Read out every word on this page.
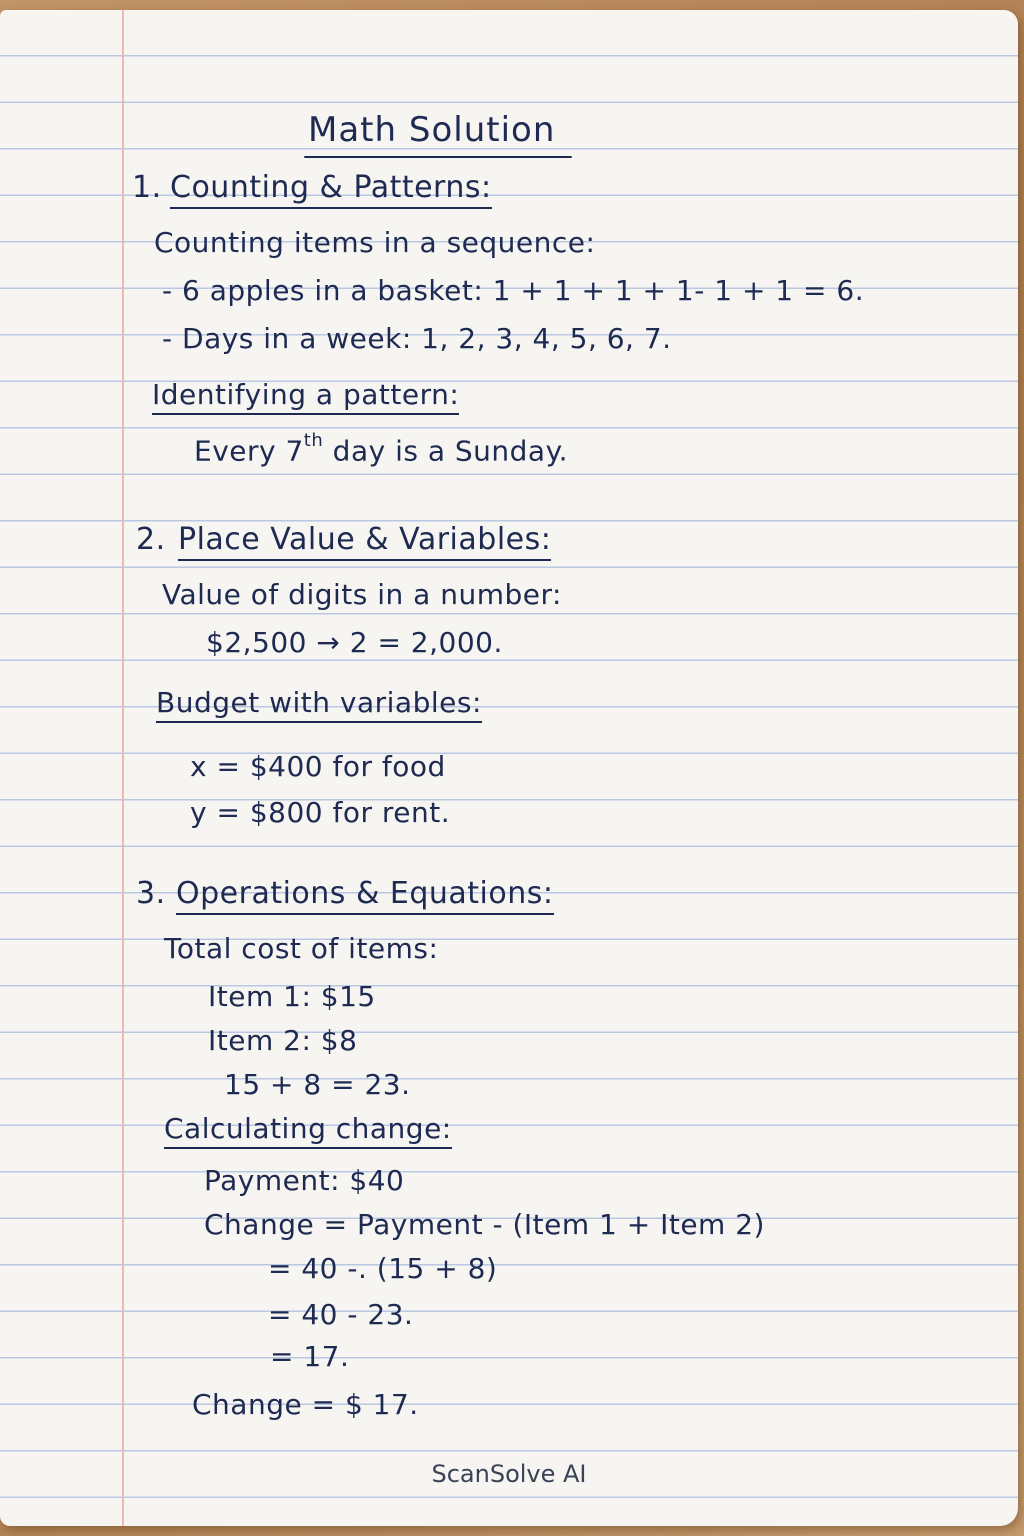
Math Solution
1. Counting & Patterns:
Counting items in a sequence:
- 6 apples in a basket: 1 + 1 + 1 + 1- 1 + 1 = 6.
- Days in a week: 1, 2, 3, 4, 5, 6, 7.
Identifying a pattern:
Every 7th day is a Sunday.
2. Place Value & Variables:
Value of digits in a number:
$2,500 → 2 = 2,000.
Budget with variables:
x = $400 for food
y = $800 for rent.
3. Operations & Equations:
Total cost of items:
Item 1: $15
Item 2: $8
15 + 8 = 23.
Calculating change:
Payment: $40
Change = Payment - (Item 1 + Item 2)
= 40 -. (15 + 8)
= 40 - 23.
= 17.
Change = $ 17.
ScanSolve AI
